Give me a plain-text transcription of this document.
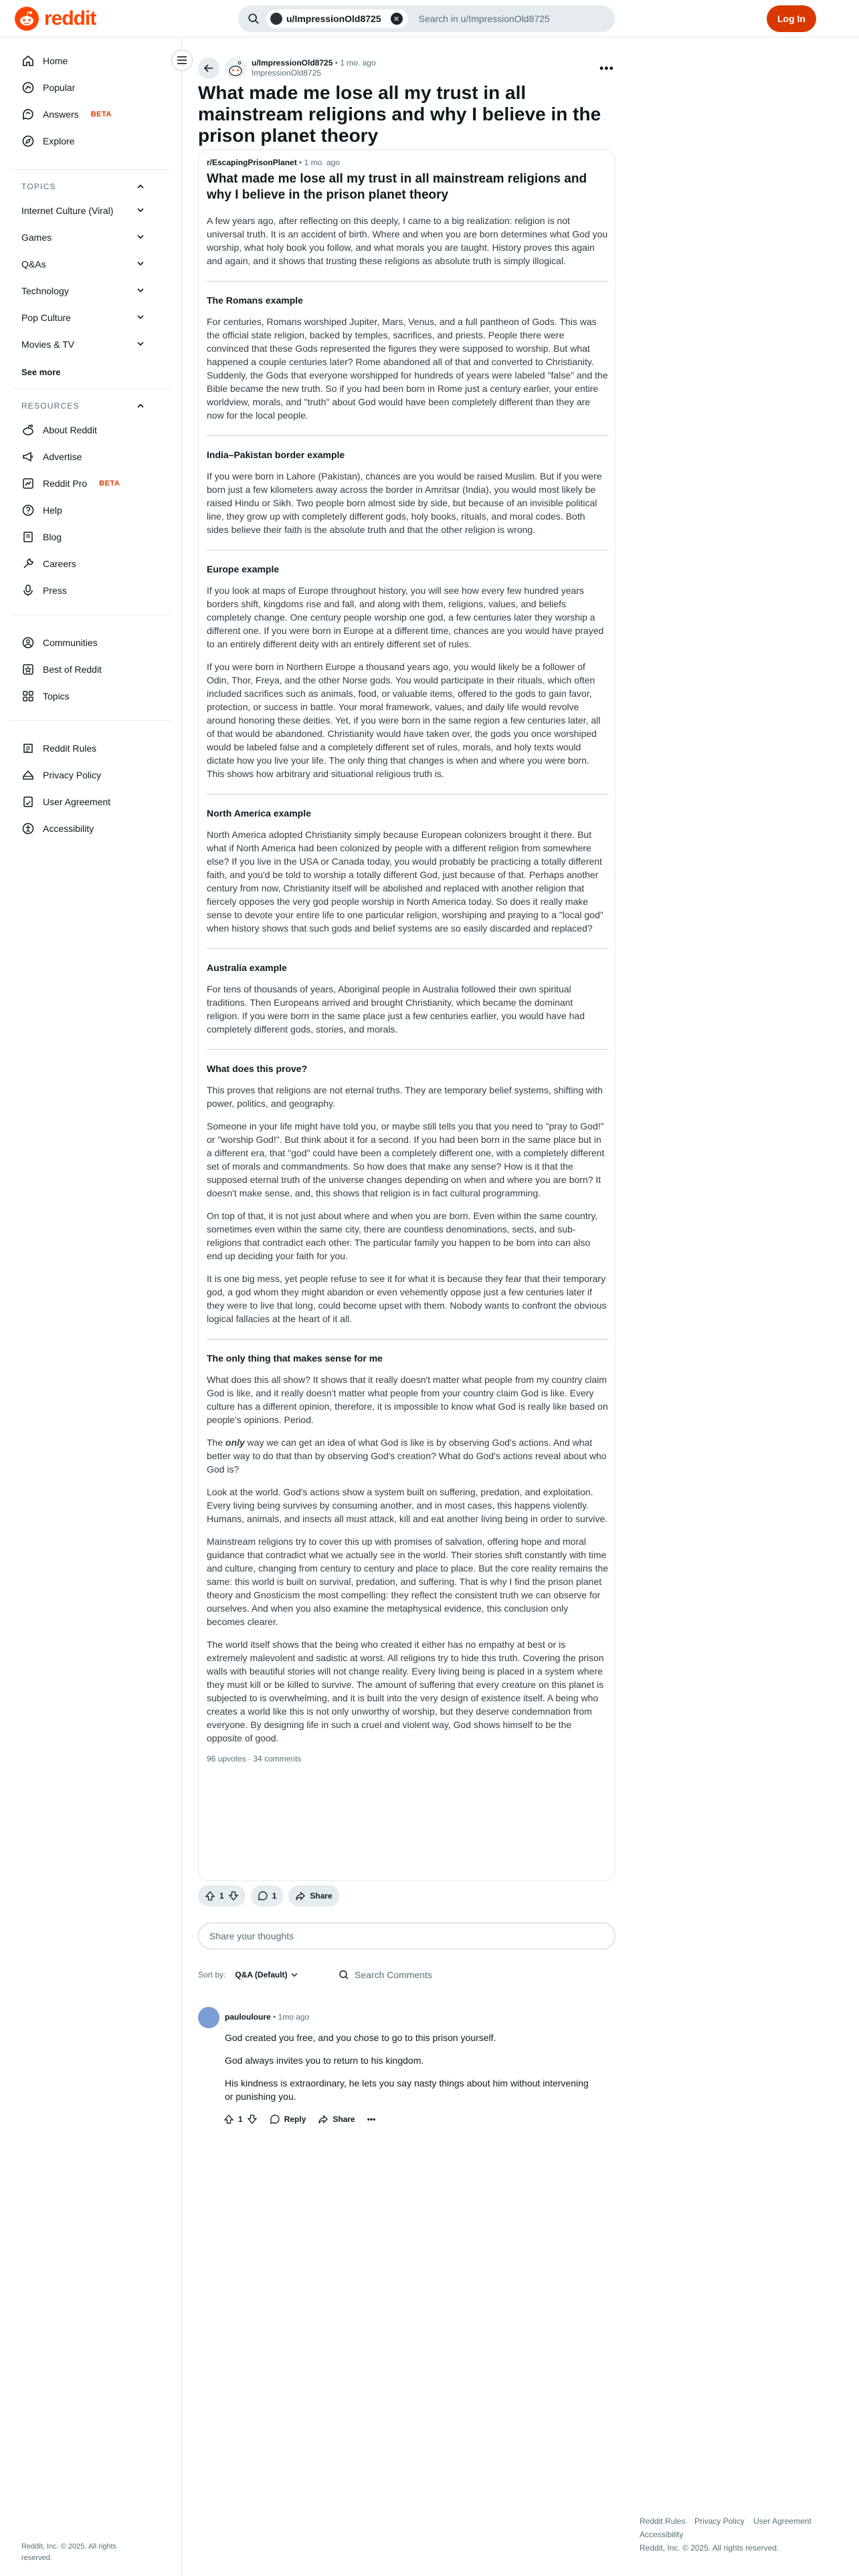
reddit	u/ImpressionOld8725	✕	Search in u/ImpressionOld8725	Log In
Home
Popular
Answers BETA
Explore
TOPICS
Internet Culture (Viral)
Games
Q&As
Technology
Pop Culture
Movies & TV
See more
RESOURCES
About Reddit
Advertise
Reddit Pro BETA
Help
Blog
Careers
Press
Communities
Best of Reddit
Topics
Reddit Rules
Privacy Policy
User Agreement
Accessibility
Reddit, Inc. © 2025. All rights reserved.
u/ImpressionOld8725 • 1 mo. ago
ImpressionOld8725	•••
What made me lose all my trust in all mainstream religions and why I believe in the prison planet theory
r/EscapingPrisonPlanet • 1 mo. ago
What made me lose all my trust in all mainstream religions and why I believe in the prison planet theory

A few years ago, after reflecting on this deeply, I came to a big realization: religion is not universal truth. It is an accident of birth. Where and when you are born determines what God you worship, what holy book you follow, and what morals you are taught. History proves this again and again, and it shows that trusting these religions as absolute truth is simply illogical.

The Romans example

For centuries, Romans worshiped Jupiter, Mars, Venus, and a full pantheon of Gods. This was the official state religion, backed by temples, sacrifices, and priests. People there were convinced that these Gods represented the figures they were supposed to worship. But what happened a couple centuries later? Rome abandoned all of that and converted to Christianity. Suddenly, the Gods that everyone worshipped for hundreds of years were labeled "false" and the Bible became the new truth. So if you had been born in Rome just a century earlier, your entire worldview, morals, and "truth" about God would have been completely different than they are now for the local people.

India–Pakistan border example

If you were born in Lahore (Pakistan), chances are you would be raised Muslim. But if you were born just a few kilometers away across the border in Amritsar (India), you would most likely be raised Hindu or Sikh. Two people born almost side by side, but because of an invisible political line, they grow up with completely different gods, holy books, rituals, and moral codes. Both sides believe their faith is the absolute truth and that the other religion is wrong.

Europe example

If you look at maps of Europe throughout history, you will see how every few hundred years borders shift, kingdoms rise and fall, and along with them, religions, values, and beliefs completely change. One century people worship one god, a few centuries later they worship a different one. If you were born in Europe at a different time, chances are you would have prayed to an entirely different deity with an entirely different set of rules.

If you were born in Northern Europe a thousand years ago, you would likely be a follower of Odin, Thor, Freya, and the other Norse gods. You would participate in their rituals, which often included sacrifices such as animals, food, or valuable items, offered to the gods to gain favor, protection, or success in battle. Your moral framework, values, and daily life would revolve around honoring these deities. Yet, if you were born in the same region a few centuries later, all of that would be abandoned. Christianity would have taken over, the gods you once worshiped would be labeled false and a completely different set of rules, morals, and holy texts would dictate how you live your life. The only thing that changes is when and where you were born. This shows how arbitrary and situational religious truth is.

North America example

North America adopted Christianity simply because European colonizers brought it there. But what if North America had been colonized by people with a different religion from somewhere else? If you live in the USA or Canada today, you would probably be practicing a totally different faith, and you'd be told to worship a totally different God, just because of that. Perhaps another century from now, Christianity itself will be abolished and replaced with another religion that fiercely opposes the very god people worship in North America today. So does it really make sense to devote your entire life to one particular religion, worshiping and praying to a "local god" when history shows that such gods and belief systems are so easily discarded and replaced?

Australia example

For tens of thousands of years, Aboriginal people in Australia followed their own spiritual traditions. Then Europeans arrived and brought Christianity, which became the dominant religion. If you were born in the same place just a few centuries earlier, you would have had completely different gods, stories, and morals.

What does this prove?

This proves that religions are not eternal truths. They are temporary belief systems, shifting with power, politics, and geography.

Someone in your life might have told you, or maybe still tells you that you need to "pray to God!" or "worship God!". But think about it for a second. If you had been born in the same place but in a different era, that "god" could have been a completely different one, with a completely different set of morals and commandments. So how does that make any sense? How is it that the supposed eternal truth of the universe changes depending on when and where you are born? It doesn't make sense, and, this shows that religion is in fact cultural programming.

On top of that, it is not just about where and when you are born. Even within the same country, sometimes even within the same city, there are countless denominations, sects, and sub-religions that contradict each other. The particular family you happen to be born into can also end up deciding your faith for you.

It is one big mess, yet people refuse to see it for what it is because they fear that their temporary god, a god whom they might abandon or even vehemently oppose just a few centuries later if they were to live that long, could become upset with them. Nobody wants to confront the obvious logical fallacies at the heart of it all.

The only thing that makes sense for me

What does this all show? It shows that it really doesn't matter what people from my country claim God is like, and it really doesn't matter what people from your country claim God is like. Every culture has a different opinion, therefore, it is impossible to know what God is really like based on people's opinions. Period.

The only way we can get an idea of what God is like is by observing God's actions. And what better way to do that than by observing God's creation? What do God's actions reveal about who God is?

Look at the world. God's actions show a system built on suffering, predation, and exploitation. Every living being survives by consuming another, and in most cases, this happens violently. Humans, animals, and insects all must attack, kill and eat another living being in order to survive.

Mainstream religions try to cover this up with promises of salvation, offering hope and moral guidance that contradict what we actually see in the world. Their stories shift constantly with time and culture, changing from century to century and place to place. But the core reality remains the same: this world is built on survival, predation, and suffering. That is why I find the prison planet theory and Gnosticism the most compelling: they reflect the consistent truth we can observe for ourselves. And when you also examine the metaphysical evidence, this conclusion only becomes clearer.

The world itself shows that the being who created it either has no empathy at best or is extremely malevolent and sadistic at worst. All religions try to hide this truth. Covering the prison walls with beautiful stories will not change reality. Every living being is placed in a system where they must kill or be killed to survive. The amount of suffering that every creature on this planet is subjected to is overwhelming, and it is built into the very design of existence itself. A being who creates a world like this is not only unworthy of worship, but they deserve condemnation from everyone. By designing life in such a cruel and violent way, God shows himself to be the opposite of good.

96 upvotes · 34 comments
1	1	Share
Share your thoughts
Sort by: Q&A (Default)	Search Comments
paulouloure • 1mo ago

God created you free, and you chose to go to this prison yourself.

God always invites you to return to his kingdom.

His kindness is extraordinary, he lets you say nasty things about him without intervening or punishing you.

1	Reply	Share •••
Reddit Rules Privacy Policy User Agreement
Accessibility
Reddit, Inc. © 2025. All rights reserved.
